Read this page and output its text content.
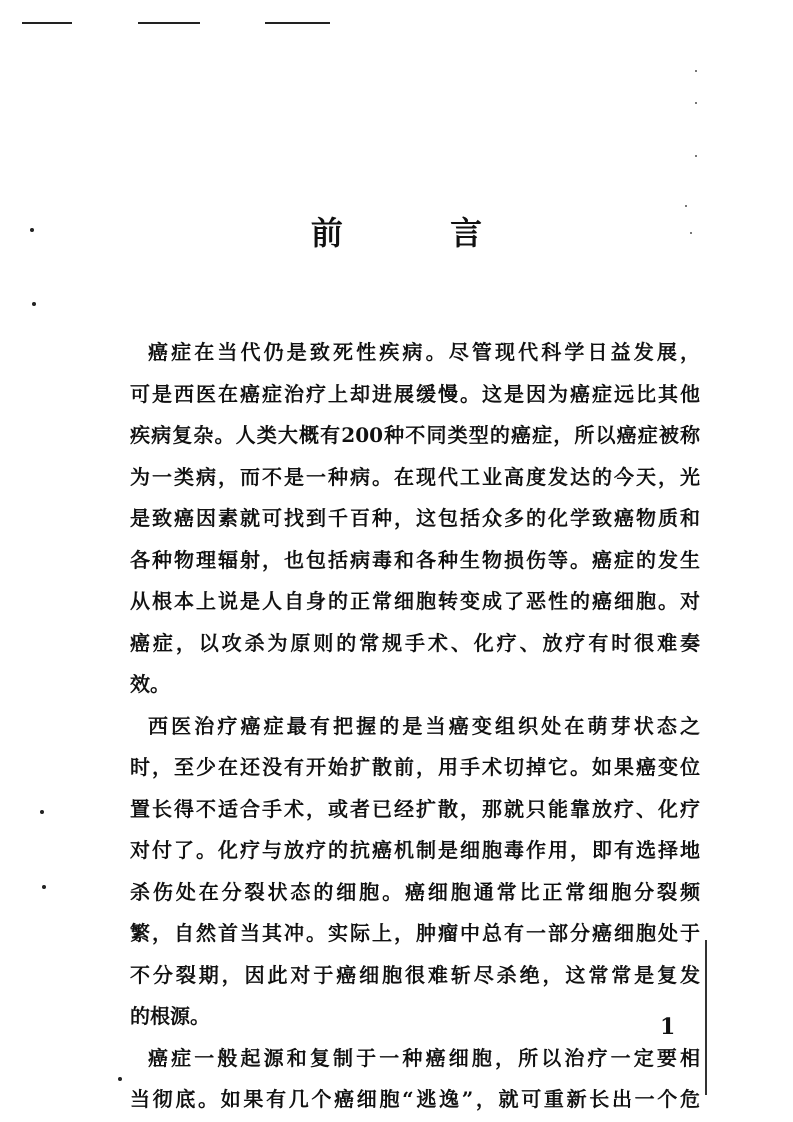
前 言
癌症在当代仍是致死性疾病。尽管现代科学日益发展，
可是西医在癌症治疗上却进展缓慢。这是因为癌症远比其他
疾病复杂。人类大概有200种不同类型的癌症，所以癌症被称
为一类病，而不是一种病。在现代工业高度发达的今天，光
是致癌因素就可找到千百种，这包括众多的化学致癌物质和
各种物理辐射，也包括病毒和各种生物损伤等。癌症的发生
从根本上说是人自身的正常细胞转变成了恶性的癌细胞。对
癌症，以攻杀为原则的常规手术、化疗、放疗有时很难奏
效。
西医治疗癌症最有把握的是当癌变组织处在萌芽状态之
时，至少在还没有开始扩散前，用手术切掉它。如果癌变位
置长得不适合手术，或者已经扩散，那就只能靠放疗、化疗
对付了。化疗与放疗的抗癌机制是细胞毒作用，即有选择地
杀伤处在分裂状态的细胞。癌细胞通常比正常细胞分裂频
繁，自然首当其冲。实际上，肿瘤中总有一部分癌细胞处于
不分裂期，因此对于癌细胞很难斩尽杀绝，这常常是复发
的根源。
癌症一般起源和复制于一种癌细胞，所以治疗一定要相
当彻底。如果有几个癌细胞“逃逸”，就可重新长出一个危
1
